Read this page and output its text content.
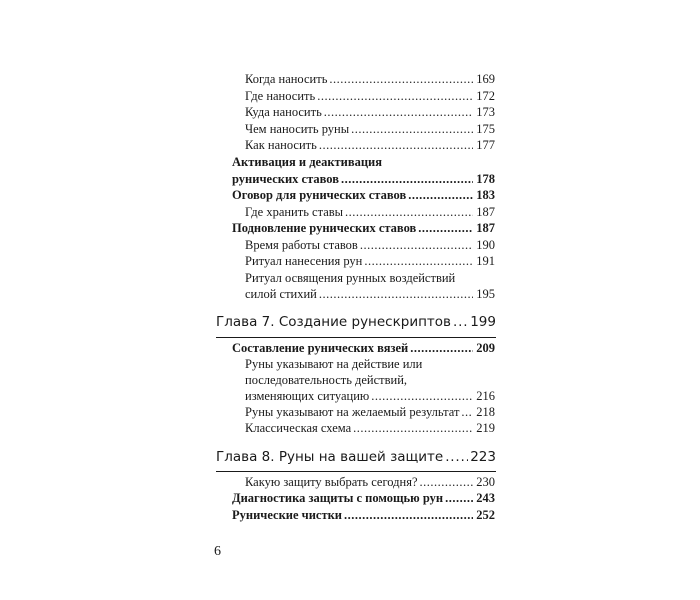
Когда наносить .....	169
Где наносить .....	172
Куда наносить .....	173
Чем наносить руны .....	175
Как наносить .....	177
Активация и деактивация
рунических ставов .....	178
Оговор для рунических ставов .....	183
Где хранить ставы .....	187
Подновление рунических ставов .....	187
Время работы ставов .....	190
Ритуал нанесения рун .....	191
Ритуал освящения рунных воздействий
силой стихий .....	195
Глава 7. Создание рунескриптов ..... 199
Составление рунических вязей .....	209
Руны указывают на действие или
последовательность действий,
изменяющих ситуацию .....	216
Руны указывают на желаемый результат ..... 218
Классическая схема .....	219
Глава 8. Руны на вашей защите ..... 223
Какую защиту выбрать сегодня? .....	230
Диагностика защиты с помощью рун .....	243
Рунические чистки .....	252
6
